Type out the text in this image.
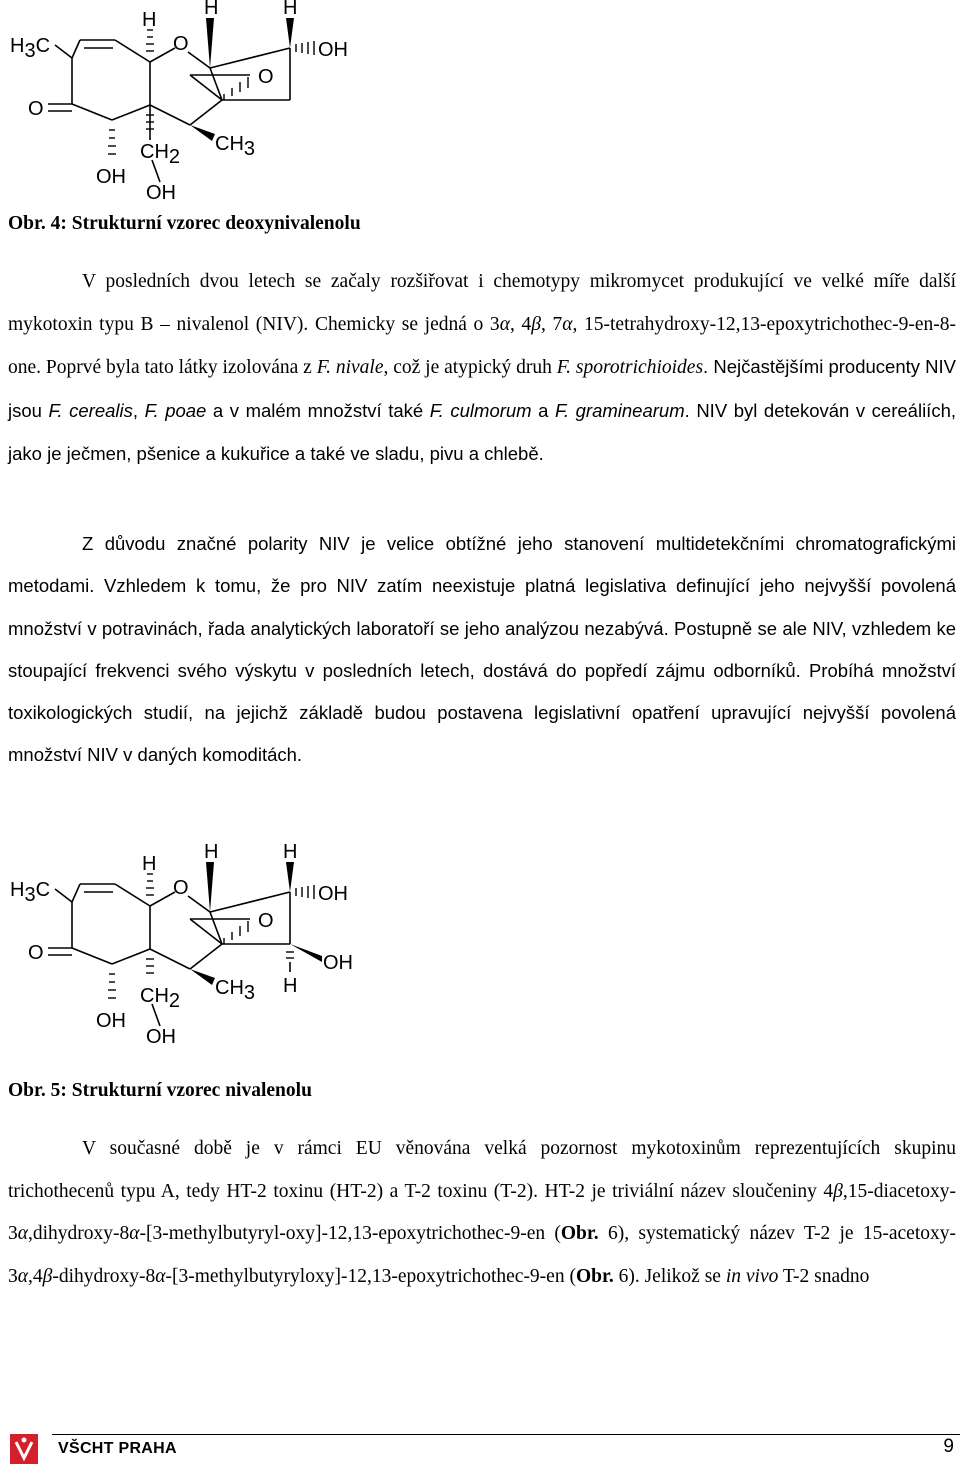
H3C
H
H	H
O
O
OH
O
CH2
CH3
OH
OH
Obr. 4: Strukturní vzorec deoxynivalenolu

V posledních dvou letech se začaly rozšiřovat i chemotypy mikromycet produkující ve velké míře další mykotoxin typu B – nivalenol (NIV). Chemicky se jedná o 3α, 4β, 7α, 15-tetrahydroxy-12,13-epoxytrichothec-9-en-8-one. Poprvé byla tato látky izolována z F. nivale, což je atypický druh F. sporotrichioides. Nejčastějšími producenty NIV jsou F. cerealis, F. poae a v malém množství také F. culmorum a F. graminearum. NIV byl detekován v cereáliích, jako je ječmen, pšenice a kukuřice a také ve sladu, pivu a chlebě.

Z důvodu značné polarity NIV je velice obtížné jeho stanovení multidetekčními chromatografickými metodami. Vzhledem k tomu, že pro NIV zatím neexistuje platná legislativa definující jeho nejvyšší povolená množství v potravinách, řada analytických laboratoří se jeho analýzou nezabývá. Postupně se ale NIV, vzhledem ke stoupající frekvenci svého výskytu v posledních letech, dostává do popředí zájmu odborníků. Probíhá množství toxikologických studií, na jejichž základě budou postavena legislativní opatření upravující nejvyšší povolená množství NIV v daných komoditách.

H3C
H
H	H
O
O
OH
OH
H
O
CH2
CH3
OH
OH
Obr. 5: Strukturní vzorec nivalenolu

V současné době je v rámci EU věnována velká pozornost mykotoxinům reprezentujících skupinu trichothecenů typu A, tedy HT-2 toxinu (HT-2) a T-2 toxinu (T-2). HT-2 je triviální název sloučeniny 4β,15-diacetoxy-3α,dihydroxy-8α-[3-methylbutyryl-oxy]-12,13-epoxytrichothec-9-en (Obr. 6), systematický název T-2 je 15-acetoxy-3α,4β-dihydroxy-8α-[3-methylbutyryloxy]-12,13-epoxytrichothec-9-en (Obr. 6). Jelikož se in vivo T-2 snadno

VŠCHT PRAHA	9
